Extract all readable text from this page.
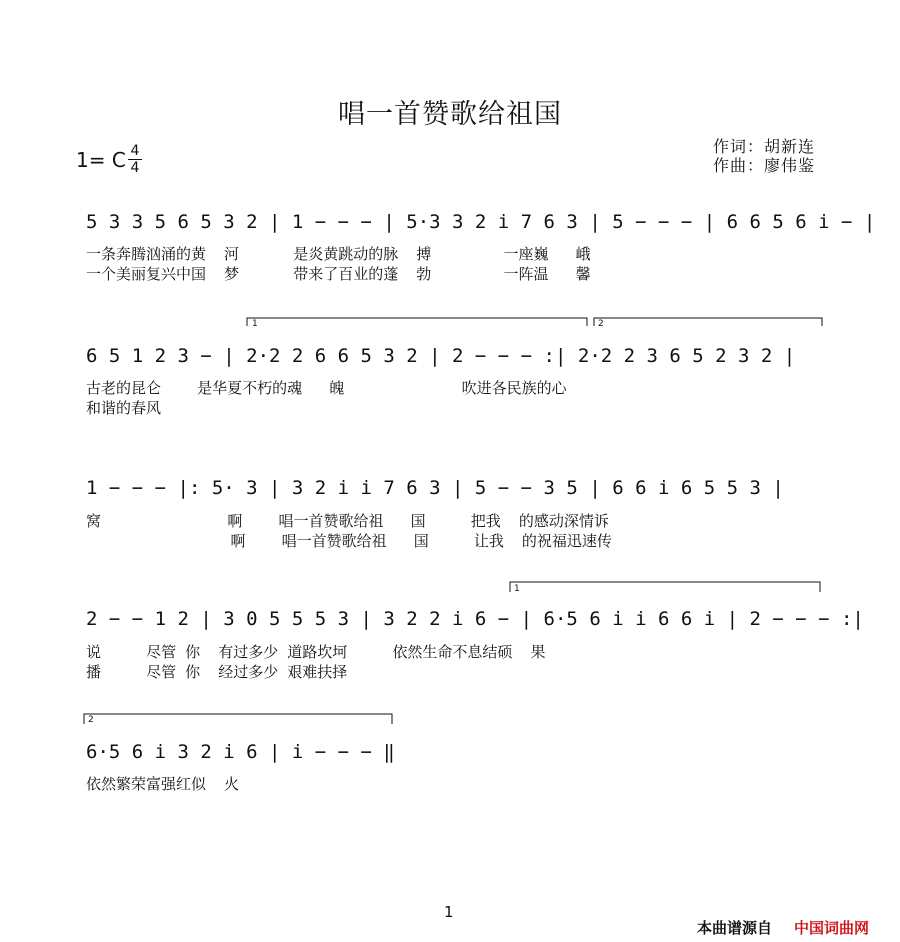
唱一首赞歌给祖国
1= C 4
4
作词：胡新连
作曲：廖伟鉴
5 3 3 5 6 5 3 2 | 1 − − − | 5·3 3 2 i 7 6 3 | 5 − − − | 6 6 5 6 i − |
一条奔腾汹涌的黄  河      是炎黄跳动的脉  搏        一座巍   峨
一个美丽复兴中国  梦      带来了百业的蓬  勃        一阵温   馨
6 5 1 2 3 − | 2·2 2 6 6 5 3 2 | 2 − − − :| 2·2 2 3 6 5 2 3 2 |
古老的昆仑    是华夏不朽的魂   魄             吹进各民族的心
和谐的春风
1 − − − |: 5· 3 | 3 2 i i 7 6 3 | 5 − − 3 5 | 6 6 i 6 5 5 3 |
窝              啊    唱一首赞歌给祖   国     把我  的感动深情诉
啊    唱一首赞歌给祖   国     让我  的祝福迅速传
2 − − 1 2 | 3 0 5 5 5 3 | 3 2 2 i 6 − | 6·5 6 i i 6 6 i | 2 − − − :|
说     尽管 你  有过多少 道路坎坷     依然生命不息结硕  果
播     尽管 你  经过多少 艰难扶择
6·5 6 i 3 2 i 6 | i − − − ‖
依然繁荣富强红似  火
1	2
1
2
1
本曲谱源自 中国词曲网
